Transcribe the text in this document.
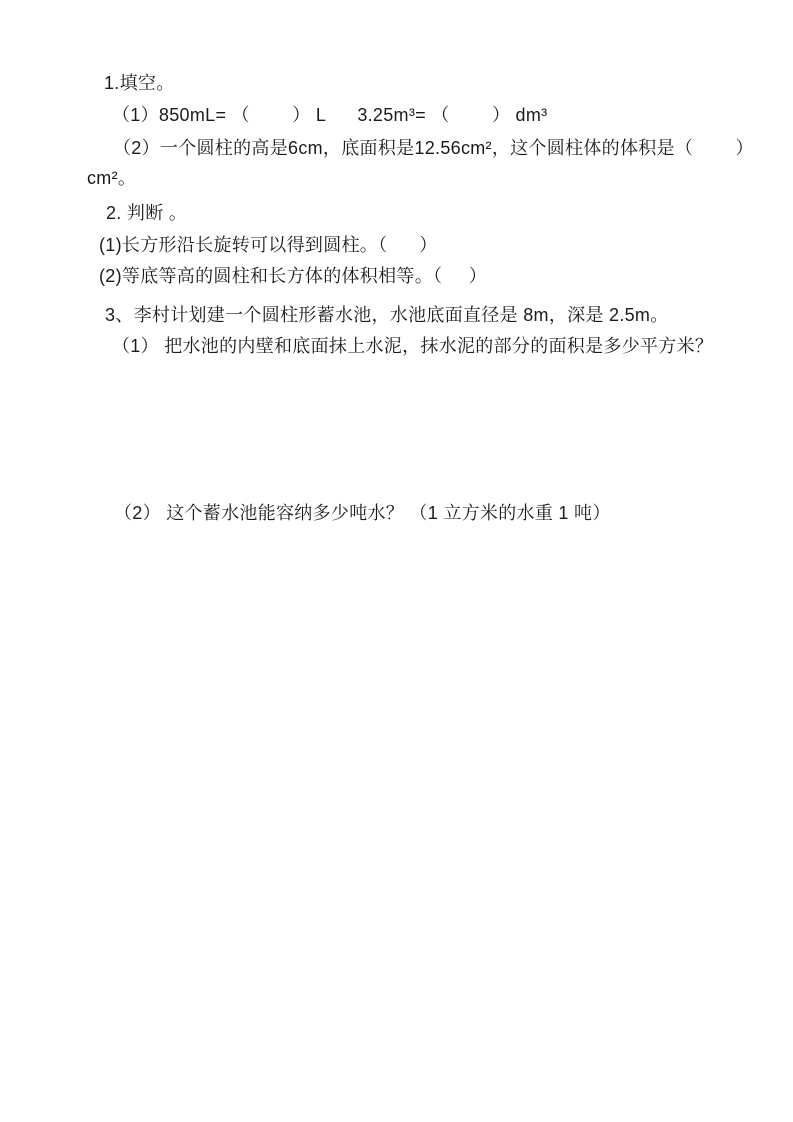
1.填空。
（1）850mL= （        ） L      3.25m³= （        ） dm³
（2）一个圆柱的高是6cm，底面积是12.56cm²，这个圆柱体的体积是（        ）
cm²。
2. 判断 。
(1)长方形沿长旋转可以得到圆柱。（      ）
(2)等底等高的圆柱和长方体的体积相等。（     ）
3、李村计划建一个圆柱形蓄水池，水池底面直径是 8m，深是 2.5m。
（1） 把水池的内壁和底面抹上水泥，抹水泥的部分的面积是多少平方米？
（2） 这个蓄水池能容纳多少吨水？ （1 立方米的水重 1 吨）
